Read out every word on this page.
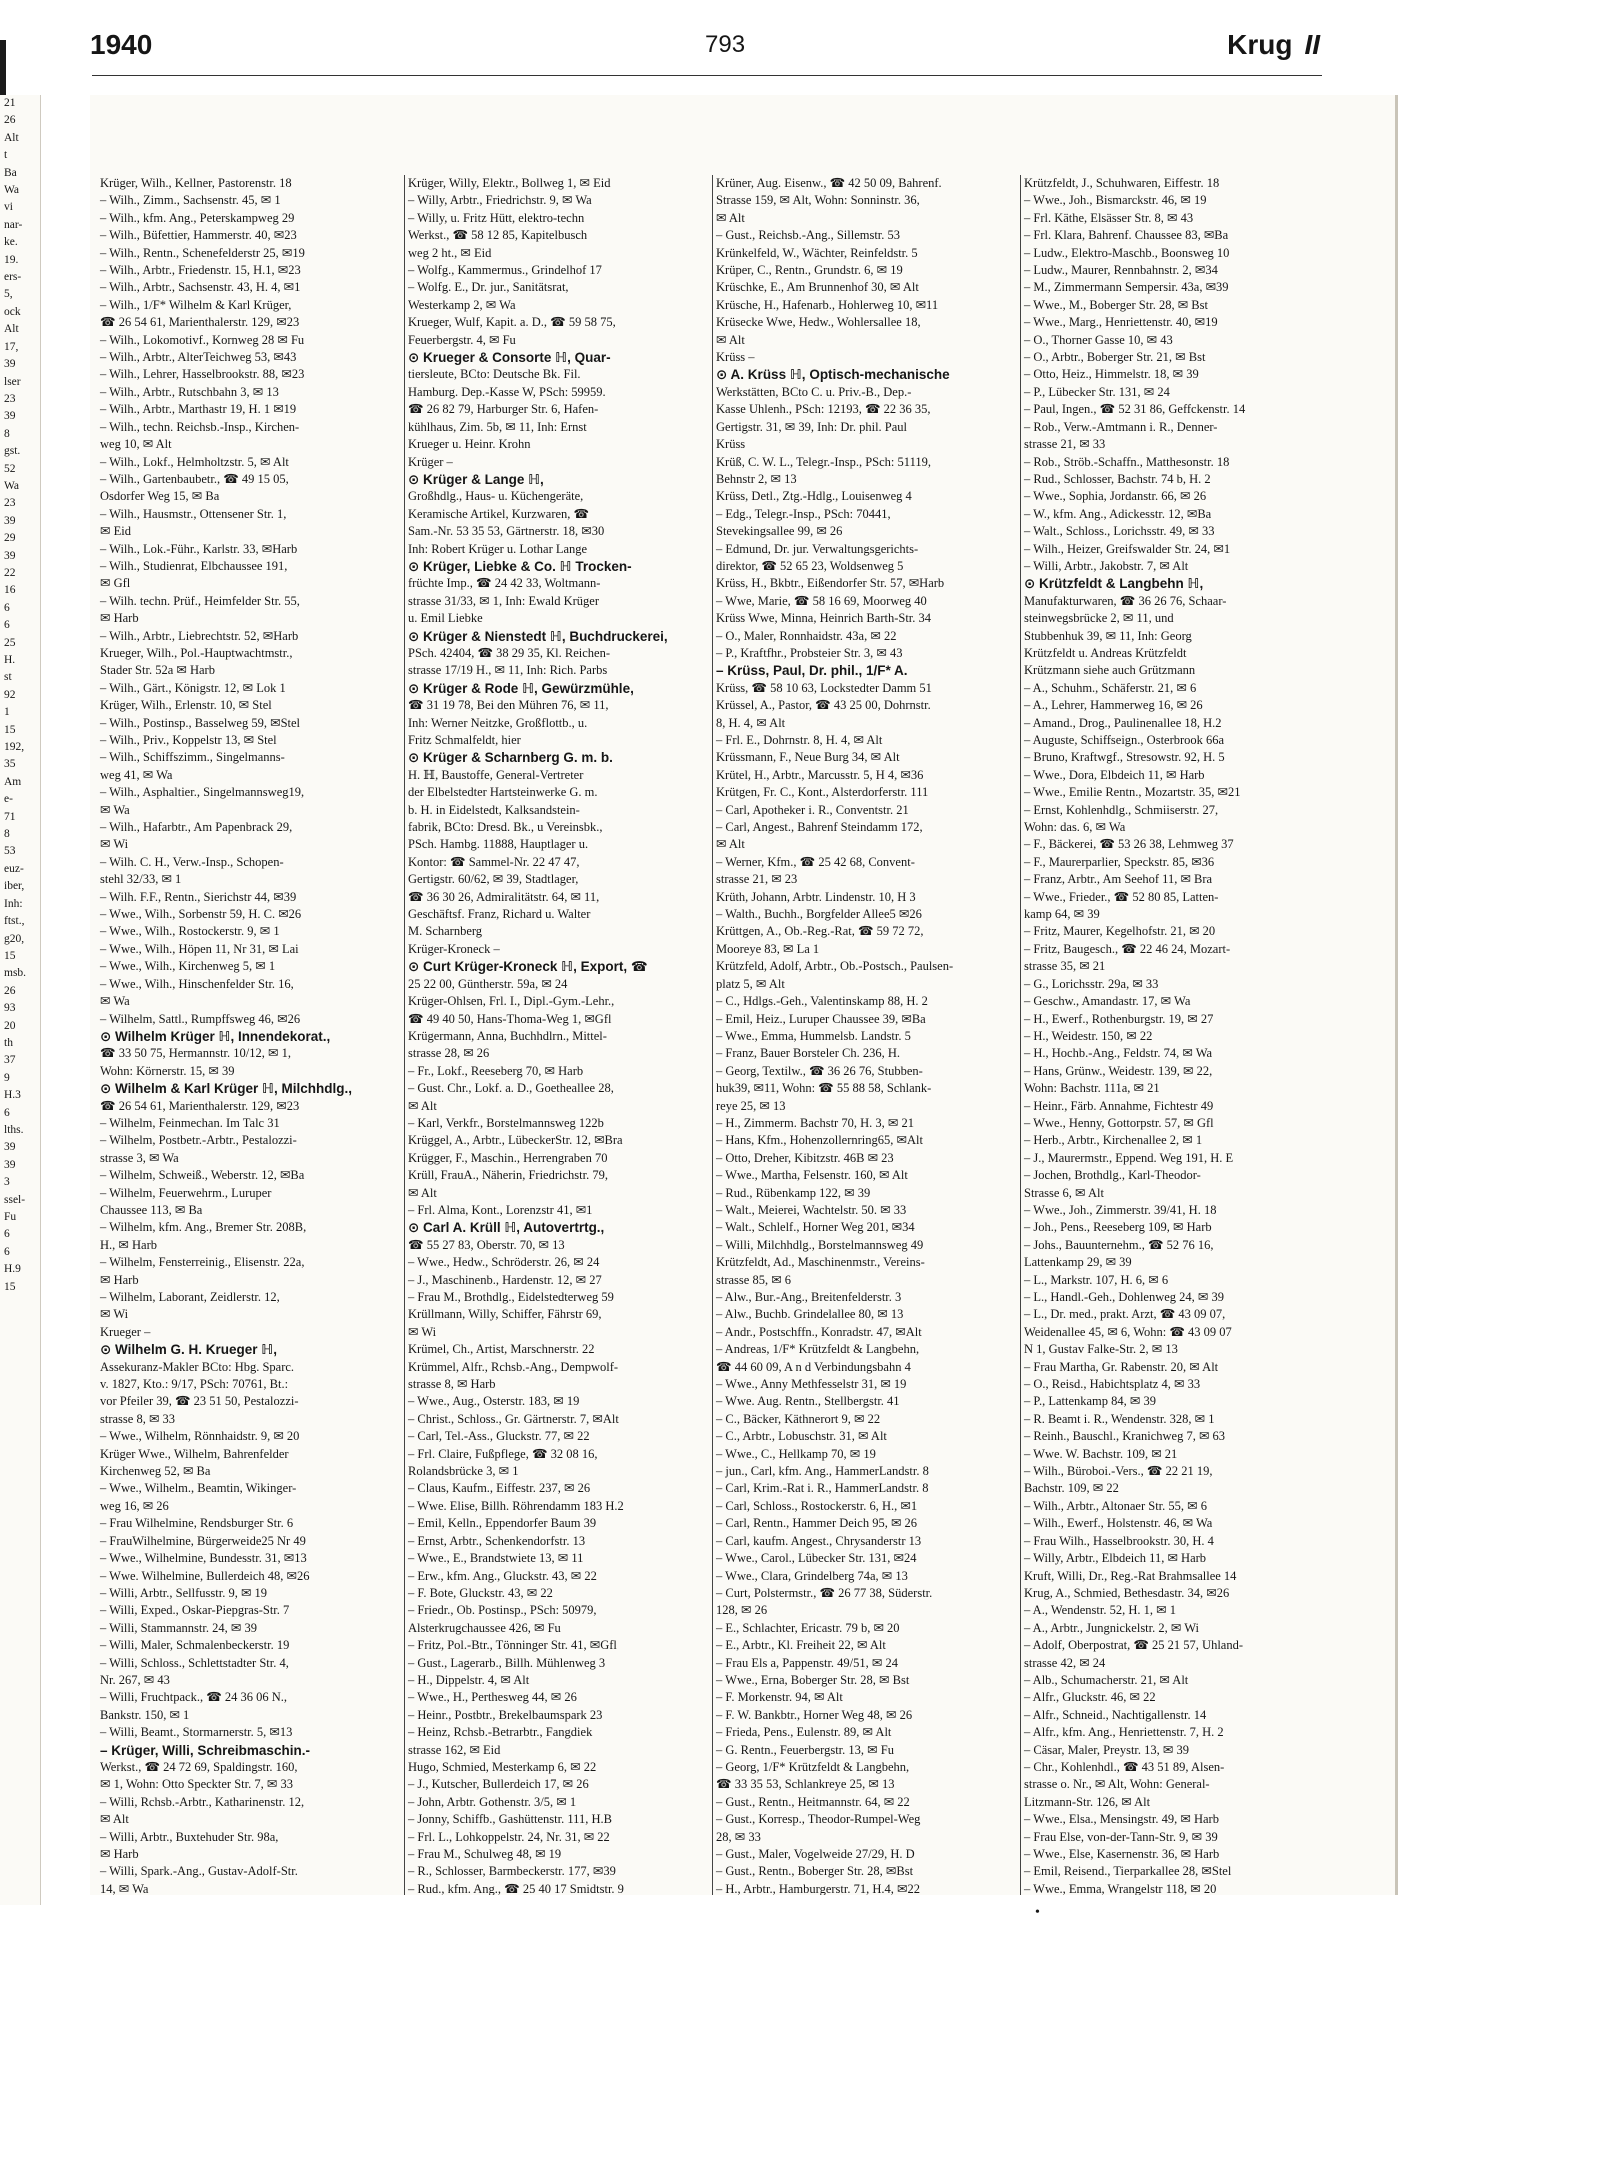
21
26
Alt
t
Ba
Wa
vi
nar-
ke.
19.
ers-
5,
ock
Alt
17,
39
lser
23
39
8
gst.
52
Wa
23
39
29
39
22
16
6
6
25
H.
st
92
1
15
192,
35
Am
e-
71
8
53
euz-
iber,
Inh:
ftst.,
g20,
15
msb.
26
93
20
th
37
9
H.3
6
lths.
39
39
3
ssel-
Fu
6
6
H.9
15
Krüger, Wilh., Kellner, Pastorenstr. 18
– Wilh., Zimm., Sachsenstr. 45, ✉ 1
– Wilh., kfm. Ang., Peterskampweg 29
– Wilh., Büfettier, Hammerstr. 40, ✉23
– Wilh., Rentn., Schenefelderstr 25, ✉19
– Wilh., Arbtr., Friedenstr. 15, H.1, ✉23
– Wilh., Arbtr., Sachsenstr. 43, H. 4, ✉1
– Wilh., 1/F* Wilhelm & Karl Krüger,
☎ 26 54 61, Marienthalerstr. 129, ✉23
– Wilh., Lokomotivf., Kornweg 28 ✉ Fu
– Wilh., Arbtr., AlterTeichweg 53, ✉43
– Wilh., Lehrer, Hasselbrookstr. 88, ✉23
– Wilh., Arbtr., Rutschbahn 3, ✉ 13
– Wilh., Arbtr., Marthastr 19, H. 1 ✉19
– Wilh., techn. Reichsb.-Insp., Kirchen-
weg 10, ✉ Alt
– Wilh., Lokf., Helmholtzstr. 5, ✉ Alt
– Wilh., Gartenbaubetr., ☎ 49 15 05,
Osdorfer Weg 15, ✉ Ba
– Wilh., Hausmstr., Ottensener Str. 1,
✉ Eid
– Wilh., Lok.-Führ., Karlstr. 33, ✉Harb
– Wilh., Studienrat, Elbchaussee 191,
✉ Gfl
– Wilh. techn. Prüf., Heimfelder Str. 55,
✉ Harb
– Wilh., Arbtr., Liebrechtstr. 52, ✉Harb
Krueger, Wilh., Pol.-Hauptwachtmstr.,
Stader Str. 52a ✉ Harb
– Wilh., Gärt., Königstr. 12, ✉ Lok 1
Krüger, Wilh., Erlenstr. 10, ✉ Stel
– Wilh., Postinsp., Basselweg 59, ✉Stel
– Wilh., Priv., Koppelstr 13, ✉ Stel
– Wilh., Schiffszimm., Singelmanns-
weg 41, ✉ Wa
– Wilh., Asphaltier., Singelmannsweg19,
✉ Wa
– Wilh., Hafarbtr., Am Papenbrack 29,
✉ Wi
– Wilh. C. H., Verw.-Insp., Schopen-
stehl 32/33, ✉ 1
– Wilh. F.F., Rentn., Sierichstr 44, ✉39
– Wwe., Wilh., Sorbenstr 59, H. C. ✉26
– Wwe., Wilh., Rostockerstr. 9, ✉ 1
– Wwe., Wilh., Höpen 11, Nr 31, ✉ Lai
– Wwe., Wilh., Kirchenweg 5, ✉ 1
– Wwe., Wilh., Hinschenfelder Str. 16,
✉ Wa
– Wilhelm, Sattl., Rumpffsweg 46, ✉26
⊙ Wilhelm Krüger ℍ, Innendekorat.,
☎ 33 50 75, Hermannstr. 10/12, ✉ 1,
Wohn: Körnerstr. 15, ✉ 39
⊙ Wilhelm & Karl Krüger ℍ, Milchhdlg.,
☎ 26 54 61, Marienthalerstr. 129, ✉23
– Wilhelm, Feinmechan. Im Talc 31
– Wilhelm, Postbetr.-Arbtr., Pestalozzi-
strasse 3, ✉ Wa
– Wilhelm, Schweiß., Weberstr. 12, ✉Ba
– Wilhelm, Feuerwehrm., Luruper
Chaussee 113, ✉ Ba
– Wilhelm, kfm. Ang., Bremer Str. 208B,
H., ✉ Harb
– Wilhelm, Fensterreinig., Elisenstr. 22a,
✉ Harb
– Wilhelm, Laborant, Zeidlerstr. 12,
✉ Wi
Krueger –
⊙ Wilhelm G. H. Krueger ℍ,
Assekuranz-Makler BCto: Hbg. Sparc.
v. 1827, Kto.: 9/17, PSch: 70761, Bt.:
vor Pfeiler 39, ☎ 23 51 50, Pestalozzi-
strasse 8, ✉ 33
– Wwe., Wilhelm, Rönnhaidstr. 9, ✉ 20
Krüger Wwe., Wilhelm, Bahrenfelder
Kirchenweg 52, ✉ Ba
– Wwe., Wilhelm., Beamtin, Wikinger-
weg 16, ✉ 26
– Frau Wilhelmine, Rendsburger Str. 6
– FrauWilhelmine, Bürgerweide25 Nr 49
– Wwe., Wilhelmine, Bundesstr. 31, ✉13
– Wwe. Wilhelmine, Bullerdeich 48, ✉26
– Willi, Arbtr., Sellfusstr. 9, ✉ 19
– Willi, Exped., Oskar-Piepgras-Str. 7
– Willi, Stammannstr. 24, ✉ 39
– Willi, Maler, Schmalenbeckerstr. 19
– Willi, Schloss., Schlettstadter Str. 4,
Nr. 267, ✉ 43
– Willi, Fruchtpack., ☎ 24 36 06 N.,
Bankstr. 150, ✉ 1
– Willi, Beamt., Stormarnerstr. 5, ✉13
– Krüger, Willi, Schreibmaschin.-
Werkst., ☎ 24 72 69, Spaldingstr. 160,
✉ 1, Wohn: Otto Speckter Str. 7, ✉ 33
– Willi, Rchsb.-Arbtr., Katharinenstr. 12,
✉ Alt
– Willi, Arbtr., Buxtehuder Str. 98a,
✉ Harb
– Willi, Spark.-Ang., Gustav-Adolf-Str.
14, ✉ Wa
Krüger, Willy, Elektr., Bollweg 1, ✉ Eid
– Willy, Arbtr., Friedrichstr. 9, ✉ Wa
– Willy, u. Fritz Hütt, elektro-techn
Werkst., ☎ 58 12 85, Kapitelbusch
weg 2 ht., ✉ Eid
– Wolfg., Kammermus., Grindelhof 17
– Wolfg. E., Dr. jur., Sanitätsrat,
Westerkamp 2, ✉ Wa
Krueger, Wulf, Kapit. a. D., ☎ 59 58 75,
Feuerbergstr. 4, ✉ Fu
⊙ Krueger & Consorte ℍ, Quar-
tiersleute, BCto: Deutsche Bk. Fil.
Hamburg. Dep.-Kasse W, PSch: 59959.
☎ 26 82 79, Harburger Str. 6, Hafen-
kühlhaus, Zim. 5b, ✉ 11, Inh: Ernst
Krueger u. Heinr. Krohn
Krüger –
⊙ Krüger & Lange ℍ,
Großhdlg., Haus- u. Küchengeräte,
Keramische Artikel, Kurzwaren, ☎
Sam.-Nr. 53 35 53, Gärtnerstr. 18, ✉30
Inh: Robert Krüger u. Lothar Lange
⊙ Krüger, Liebke & Co. ℍ Trocken-
früchte Imp., ☎ 24 42 33, Woltmann-
strasse 31/33, ✉ 1, Inh: Ewald Krüger
u. Emil Liebke
⊙ Krüger & Nienstedt ℍ, Buchdruckerei,
PSch. 42404, ☎ 38 29 35, Kl. Reichen-
strasse 17/19 H., ✉ 11, Inh: Rich. Parbs
⊙ Krüger & Rode ℍ, Gewürzmühle,
☎ 31 19 78, Bei den Mühren 76, ✉ 11,
Inh: Werner Neitzke, Großflottb., u.
Fritz Schmalfeldt, hier
⊙ Krüger & Scharnberg G. m. b.
H. ℍ, Baustoffe, General-Vertreter
der Elbelstedter Hartsteinwerke G. m.
b. H. in Eidelstedt, Kalksandstein-
fabrik, BCto: Dresd. Bk., u Vereinsbk.,
PSch. Hambg. 11888, Hauptlager u.
Kontor: ☎ Sammel-Nr. 22 47 47,
Gertigstr. 60/62, ✉ 39, Stadtlager,
☎ 36 30 26, Admiralitätstr. 64, ✉ 11,
Geschäftsf. Franz, Richard u. Walter
M. Scharnberg
Krüger-Kroneck –
⊙ Curt Krüger-Kroneck ℍ, Export, ☎
25 22 00, Güntherstr. 59a, ✉ 24
Krüger-Ohlsen, Frl. I., Dipl.-Gym.-Lehr.,
☎ 49 40 50, Hans-Thoma-Weg 1, ✉Gfl
Krügermann, Anna, Buchhdlrn., Mittel-
strasse 28, ✉ 26
– Fr., Lokf., Reeseberg 70, ✉ Harb
– Gust. Chr., Lokf. a. D., Goetheallee 28,
✉ Alt
– Karl, Verkfr., Borstelmannsweg 122b
Krüggel, A., Arbtr., LübeckerStr. 12, ✉Bra
Krügger, F., Maschin., Herrengraben 70
Krüll, FrauA., Näherin, Friedrichstr. 79,
✉ Alt
– Frl. Alma, Kont., Lorenzstr 41, ✉1
⊙ Carl A. Krüll ℍ, Autovertrtg.,
☎ 55 27 83, Oberstr. 70, ✉ 13
– Wwe., Hedw., Schröderstr. 26, ✉ 24
– J., Maschinenb., Hardenstr. 12, ✉ 27
– Frau M., Brothdlg., Eidelstedterweg 59
Krüllmann, Willy, Schiffer, Fährstr 69,
✉ Wi
Krümel, Ch., Artist, Marschnerstr. 22
Krümmel, Alfr., Rchsb.-Ang., Dempwolf-
strasse 8, ✉ Harb
– Wwe., Aug., Osterstr. 183, ✉ 19
– Christ., Schloss., Gr. Gärtnerstr. 7, ✉Alt
– Carl, Tel.-Ass., Gluckstr. 77, ✉ 22
– Frl. Claire, Fußpflege, ☎ 32 08 16,
Rolandsbrücke 3, ✉ 1
– Claus, Kaufm., Eiffestr. 237, ✉ 26
– Wwe. Elise, Billh. Röhrendamm 183 H.2
– Emil, Kelln., Eppendorfer Baum 39
– Ernst, Arbtr., Schenkendorfstr. 13
– Wwe., E., Brandstwiete 13, ✉ 11
– Erw., kfm. Ang., Gluckstr. 43, ✉ 22
– F. Bote, Gluckstr. 43, ✉ 22
– Friedr., Ob. Postinsp., PSch: 50979,
Alsterkrugchaussee 426, ✉ Fu
– Fritz, Pol.-Btr., Tönninger Str. 41, ✉Gfl
– Gust., Lagerarb., Billh. Mühlenweg 3
– H., Dippelstr. 4, ✉ Alt
– Wwe., H., Perthesweg 44, ✉ 26
– Heinr., Postbtr., Brekelbaumspark 23
– Heinz, Rchsb.-Betrarbtr., Fangdiek
strasse 162, ✉ Eid
Hugo, Schmied, Mesterkamp 6, ✉ 22
– J., Kutscher, Bullerdeich 17, ✉ 26
– John, Arbtr. Gothenstr. 3/5, ✉ 1
– Jonny, Schiffb., Gashüttenstr. 111, H.B
– Frl. L., Lohkoppelstr. 24, Nr. 31, ✉ 22
– Frau M., Schulweg 48, ✉ 19
– R., Schlosser, Barmbeckerstr. 177, ✉39
– Rud., kfm. Ang., ☎ 25 40 17 Smidtstr. 9
Krüner, Aug. Eisenw., ☎ 42 50 09, Bahrenf.
Strasse 159, ✉ Alt, Wohn: Sonninstr. 36,
✉ Alt
– Gust., Reichsb.-Ang., Sillemstr. 53
Krünkelfeld, W., Wächter, Reinfeldstr. 5
Krüper, C., Rentn., Grundstr. 6, ✉ 19
Krüschke, E., Am Brunnenhof 30, ✉ Alt
Krüsche, H., Hafenarb., Hohlerweg 10, ✉11
Krüsecke Wwe, Hedw., Wohlersallee 18,
✉ Alt
Krüss –
⊙ A. Krüss ℍ, Optisch-mechanische
Werkstätten, BCto C. u. Priv.-B., Dep.-
Kasse Uhlenh., PSch: 12193, ☎ 22 36 35,
Gertigstr. 31, ✉ 39, Inh: Dr. phil. Paul
Krüss
Krüß, C. W. L., Telegr.-Insp., PSch: 51119,
Behnstr 2, ✉ 13
Krüss, Detl., Ztg.-Hdlg., Louisenweg 4
– Edg., Telegr.-Insp., PSch: 70441,
Stevekingsallee 99, ✉ 26
– Edmund, Dr. jur. Verwaltungsgerichts-
direktor, ☎ 52 65 23, Woldsenweg 5
Krüss, H., Bkbtr., Eißendorfer Str. 57, ✉Harb
– Wwe, Marie, ☎ 58 16 69, Moorweg 40
Krüss Wwe, Minna, Heinrich Barth-Str. 34
– O., Maler, Ronnhaidstr. 43a, ✉ 22
– P., Kraftfhr., Probsteier Str. 3, ✉ 43
– Krüss, Paul, Dr. phil., 1/F* A.
Krüss, ☎ 58 10 63, Lockstedter Damm 51
Krüssel, A., Pastor, ☎ 43 25 00, Dohrnstr.
8, H. 4, ✉ Alt
– Frl. E., Dohrnstr. 8, H. 4, ✉ Alt
Krüssmann, F., Neue Burg 34, ✉ Alt
Krütel, H., Arbtr., Marcusstr. 5, H 4, ✉36
Krütgen, Fr. C., Kont., Alsterdorferstr. 111
– Carl, Apotheker i. R., Conventstr. 21
– Carl, Angest., Bahrenf Steindamm 172,
✉ Alt
– Werner, Kfm., ☎ 25 42 68, Convent-
strasse 21, ✉ 23
Krüth, Johann, Arbtr. Lindenstr. 10, H 3
– Walth., Buchh., Borgfelder Allee5 ✉26
Krüttgen, A., Ob.-Reg.-Rat, ☎ 59 72 72,
Mooreye 83, ✉ La 1
Krützfeld, Adolf, Arbtr., Ob.-Postsch., Paulsen-
platz 5, ✉ Alt
– C., Hdlgs.-Geh., Valentinskamp 88, H. 2
– Emil, Heiz., Luruper Chaussee 39, ✉Ba
– Wwe., Emma, Hummelsb. Landstr. 5
– Franz, Bauer Borsteler Ch. 236, H.
– Georg, Textilw., ☎ 36 26 76, Stubben-
huk39, ✉11, Wohn: ☎ 55 88 58, Schlank-
reye 25, ✉ 13
– H., Zimmerm. Bachstr 70, H. 3, ✉ 21
– Hans, Kfm., Hohenzollernring65, ✉Alt
– Otto, Dreher, Kibitzstr. 46B ✉ 23
– Wwe., Martha, Felsenstr. 160, ✉ Alt
– Rud., Rübenkamp 122, ✉ 39
– Walt., Meierei, Wachtelstr. 50. ✉ 33
– Walt., Schlelf., Horner Weg 201, ✉34
– Willi, Milchhdlg., Borstelmannsweg 49
Krützfeldt, Ad., Maschinenmstr., Vereins-
strasse 85, ✉ 6
– Alw., Bur.-Ang., Breitenfelderstr. 3
– Alw., Buchb. Grindelallee 80, ✉ 13
– Andr., Postschffn., Konradstr. 47, ✉Alt
– Andreas, 1/F* Krützfeldt & Langbehn,
☎ 44 60 09, A n d Verbindungsbahn 4
– Wwe., Anny Methfesselstr 31, ✉ 19
– Wwe. Aug. Rentn., Stellbergstr. 41
– C., Bäcker, Käthnerort 9, ✉ 22
– C., Arbtr., Lobuschstr. 31, ✉ Alt
– Wwe., C., Hellkamp 70, ✉ 19
– jun., Carl, kfm. Ang., HammerLandstr. 8
– Carl, Krim.-Rat i. R., HammerLandstr. 8
– Carl, Schloss., Rostockerstr. 6, H., ✉1
– Carl, Rentn., Hammer Deich 95, ✉ 26
– Carl, kaufm. Angest., Chrysanderstr 13
– Wwe., Carol., Lübecker Str. 131, ✉24
– Wwe., Clara, Grindelberg 74a, ✉ 13
– Curt, Polstermstr., ☎ 26 77 38, Süderstr.
128, ✉ 26
– E., Schlachter, Ericastr. 79 b, ✉ 20
– E., Arbtr., Kl. Freiheit 22, ✉ Alt
– Frau Els a, Pappenstr. 49/51, ✉ 24
– Wwe., Erna, Boberger Str. 28, ✉ Bst
– F. Morkenstr. 94, ✉ Alt
– F. W. Bankbtr., Horner Weg 48, ✉ 26
– Frieda, Pens., Eulenstr. 89, ✉ Alt
– G. Rentn., Feuerbergstr. 13, ✉ Fu
– Georg, 1/F* Krützfeldt & Langbehn,
☎ 33 35 53, Schlankreye 25, ✉ 13
– Gust., Rentn., Heitmannstr. 64, ✉ 22
– Gust., Korresp., Theodor-Rumpel-Weg
28, ✉ 33
– Gust., Maler, Vogelweide 27/29, H. D
– Gust., Rentn., Boberger Str. 28, ✉Bst
– H., Arbtr., Hamburgerstr. 71, H.4, ✉22
Krützfeldt, J., Schuhwaren, Eiffestr. 18
– Wwe., Joh., Bismarckstr. 46, ✉ 19
– Frl. Käthe, Elsässer Str. 8, ✉ 43
– Frl. Klara, Bahrenf. Chaussee 83, ✉Ba
– Ludw., Elektro-Maschb., Boonsweg 10
– Ludw., Maurer, Rennbahnstr. 2, ✉34
– M., Zimmermann Sempersir. 43a, ✉39
– Wwe., M., Boberger Str. 28, ✉ Bst
– Wwe., Marg., Henriettenstr. 40, ✉19
– O., Thorner Gasse 10, ✉ 43
– O., Arbtr., Boberger Str. 21, ✉ Bst
– Otto, Heiz., Himmelstr. 18, ✉ 39
– P., Lübecker Str. 131, ✉ 24
– Paul, Ingen., ☎ 52 31 86, Geffckenstr. 14
– Rob., Verw.-Amtmann i. R., Denner-
strasse 21, ✉ 33
– Rob., Ströb.-Schaffn., Matthesonstr. 18
– Rud., Schlosser, Bachstr. 74 b, H. 2
– Wwe., Sophia, Jordanstr. 66, ✉ 26
– W., kfm. Ang., Adickesstr. 12, ✉Ba
– Walt., Schloss., Lorichsstr. 49, ✉ 33
– Wilh., Heizer, Greifswalder Str. 24, ✉1
– Willi, Arbtr., Jakobstr. 7, ✉ Alt
⊙ Krützfeldt & Langbehn ℍ,
Manufakturwaren, ☎ 36 26 76, Schaar-
steinwegsbrücke 2, ✉ 11, und
Stubbenhuk 39, ✉ 11, Inh: Georg
Krützfeldt u. Andreas Krützfeldt
Krützmann siehe auch Grützmann
– A., Schuhm., Schäferstr. 21, ✉ 6
– A., Lehrer, Hammerweg 16, ✉ 26
– Amand., Drog., Paulinenallee 18, H.2
– Auguste, Schiffseign., Osterbrook 66a
– Bruno, Kraftwgf., Stresowstr. 92, H. 5
– Wwe., Dora, Elbdeich 11, ✉ Harb
– Wwe., Emilie Rentn., Mozartstr. 35, ✉21
– Ernst, Kohlenhdlg., Schmiiserstr. 27,
Wohn: das. 6, ✉ Wa
– F., Bäckerei, ☎ 53 26 38, Lehmweg 37
– F., Maurerparlier, Speckstr. 85, ✉36
– Franz, Arbtr., Am Seehof 11, ✉ Bra
– Wwe., Frieder., ☎ 52 80 85, Latten-
kamp 64, ✉ 39
– Fritz, Maurer, Kegelhofstr. 21, ✉ 20
– Fritz, Baugesch., ☎ 22 46 24, Mozart-
strasse 35, ✉ 21
– G., Lorichsstr. 29a, ✉ 33
– Geschw., Amandastr. 17, ✉ Wa
– H., Ewerf., Rothenburgstr. 19, ✉ 27
– H., Weidestr. 150, ✉ 22
– H., Hochb.-Ang., Feldstr. 74, ✉ Wa
– Hans, Grünw., Weidestr. 139, ✉ 22,
Wohn: Bachstr. 111a, ✉ 21
– Heinr., Färb. Annahme, Fichtestr 49
– Wwe., Henny, Gottorpstr. 57, ✉ Gfl
– Herb., Arbtr., Kirchenallee 2, ✉ 1
– J., Maurermstr., Eppend. Weg 191, H. E
– Jochen, Brothdlg., Karl-Theodor-
Strasse 6, ✉ Alt
– Wwe., Joh., Zimmerstr. 39/41, H. 18
– Joh., Pens., Reeseberg 109, ✉ Harb
– Johs., Bauunternehm., ☎ 52 76 16,
Lattenkamp 29, ✉ 39
– L., Markstr. 107, H. 6, ✉ 6
– L., Handl.-Geh., Dohlenweg 24, ✉ 39
– L., Dr. med., prakt. Arzt, ☎ 43 09 07,
Weidenallee 45, ✉ 6, Wohn: ☎ 43 09 07
N 1, Gustav Falke-Str. 2, ✉ 13
– Frau Martha, Gr. Rabenstr. 20, ✉ Alt
– O., Reisd., Habichtsplatz 4, ✉ 33
– P., Lattenkamp 84, ✉ 39
– R. Beamt i. R., Wendenstr. 328, ✉ 1
– Reinh., Bauschl., Kranichweg 7, ✉ 63
– Wwe. W. Bachstr. 109, ✉ 21
– Wilh., Büroboi.-Vers., ☎ 22 21 19,
Bachstr. 109, ✉ 22
– Wilh., Arbtr., Altonaer Str. 55, ✉ 6
– Wilh., Ewerf., Holstenstr. 46, ✉ Wa
– Frau Wilh., Hasselbrookstr. 30, H. 4
– Willy, Arbtr., Elbdeich 11, ✉ Harb
Kruft, Willi, Dr., Reg.-Rat Brahmsallee 14
Krug, A., Schmied, Bethesdastr. 34, ✉26
– A., Wendenstr. 52, H. 1, ✉ 1
– A., Arbtr., Jungnickelstr. 2, ✉ Wi
– Adolf, Oberpostrat, ☎ 25 21 57, Uhland-
strasse 42, ✉ 24
– Alb., Schumacherstr. 21, ✉ Alt
– Alfr., Gluckstr. 46, ✉ 22
– Alfr., Schneid., Nachtigallenstr. 14
– Alfr., kfm. Ang., Henriettenstr. 7, H. 2
– Cäsar, Maler, Preystr. 13, ✉ 39
– Chr., Kohlenhdl., ☎ 43 51 89, Alsen-
strasse o. Nr., ✉ Alt, Wohn: General-
Litzmann-Str. 126, ✉ Alt
– Wwe., Elsa., Mensingstr. 49, ✉ Harb
– Frau Else, von-der-Tann-Str. 9, ✉ 39
– Wwe., Else, Kasernenstr. 36, ✉ Harb
– Emil, Reisend., Tierparkallee 28, ✉Stel
– Wwe., Emma, Wrangelstr 118, ✉ 20
1940	793	Krug II
•
